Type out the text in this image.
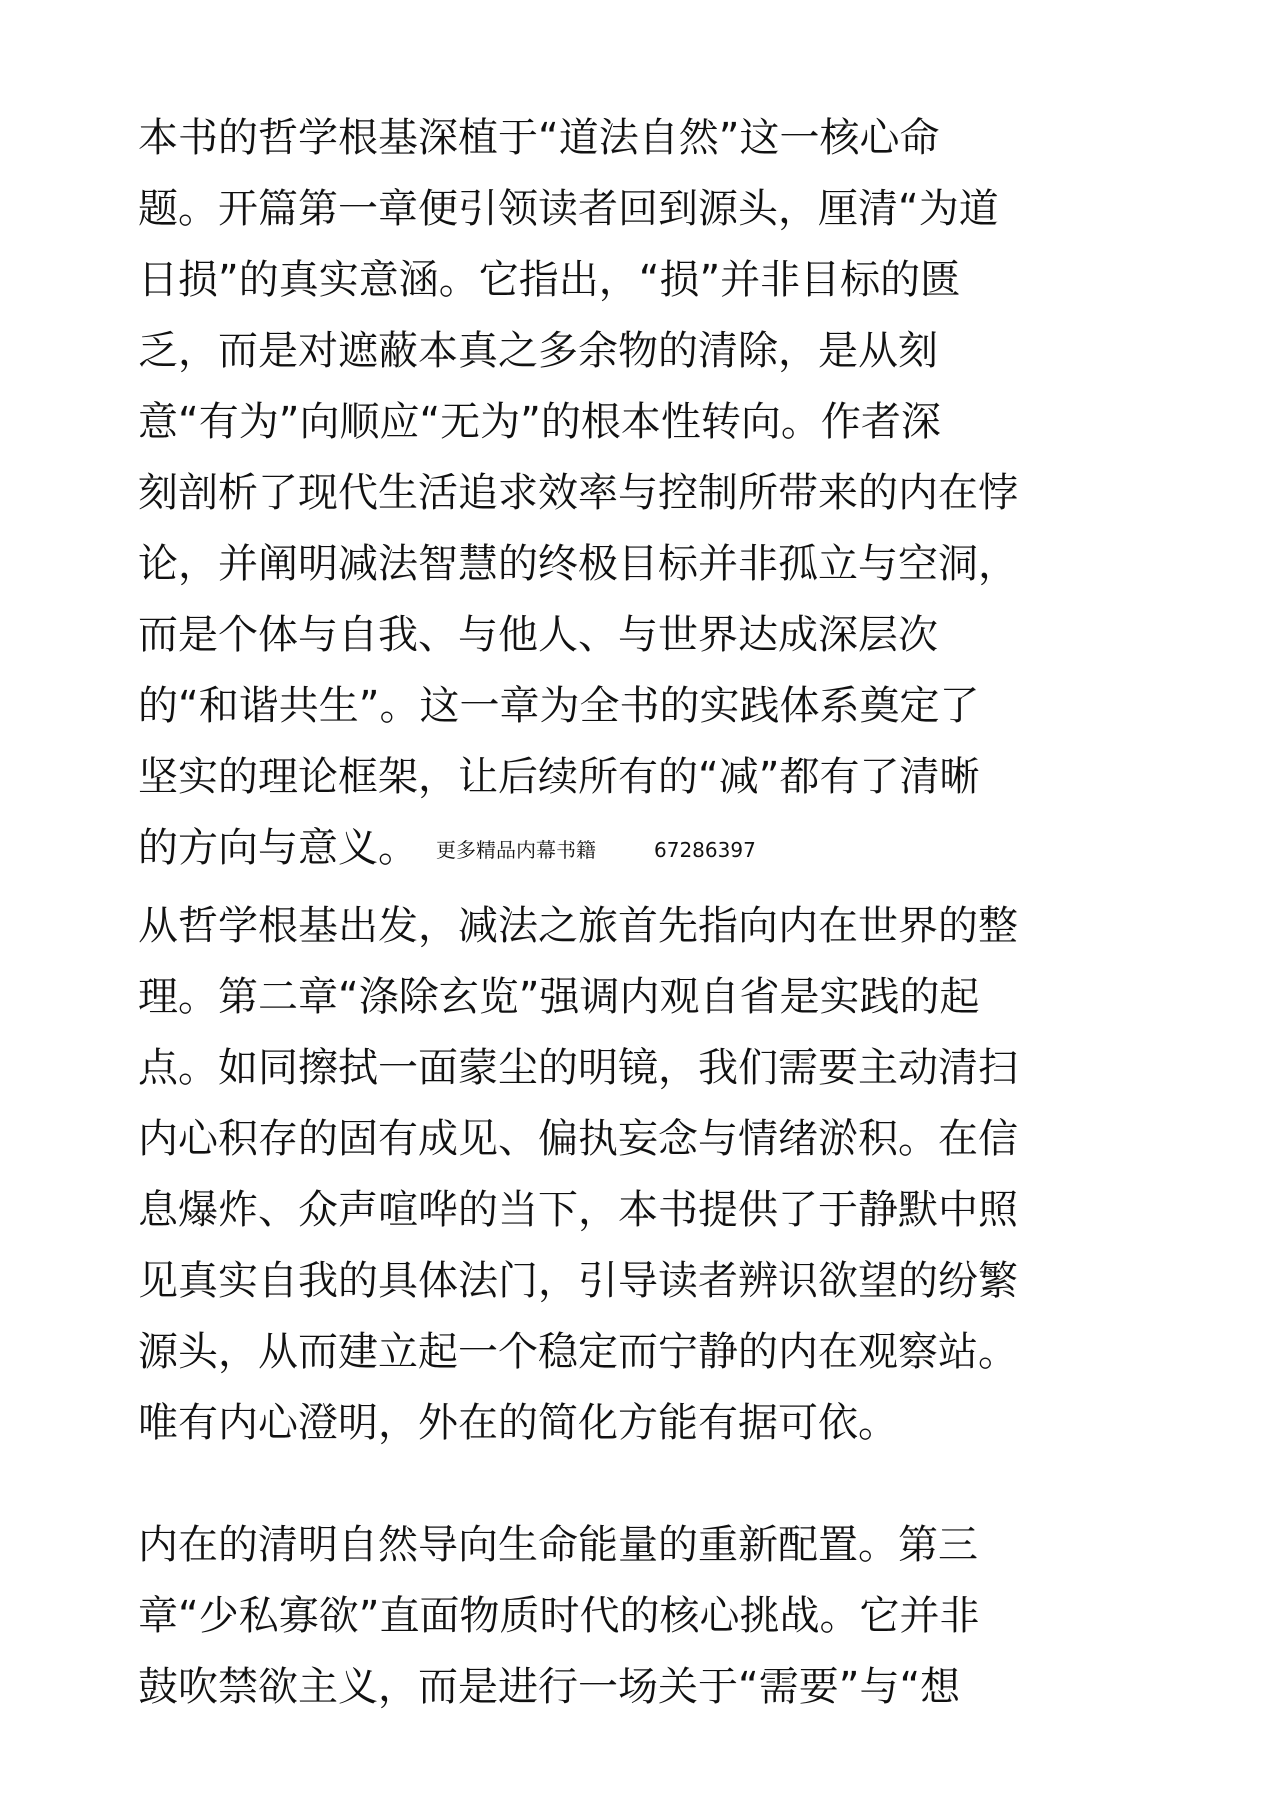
本书的哲学根基深植于“道法自然”这一核心命
题。开篇第一章便引领读者回到源头，厘清“为道
日损”的真实意涵。它指出，“损”并非目标的匮
乏，而是对遮蔽本真之多余物的清除，是从刻
意“有为”向顺应“无为”的根本性转向。作者深
刻剖析了现代生活追求效率与控制所带来的内在悖
论，并阐明减法智慧的终极目标并非孤立与空洞，
而是个体与自我、与他人、与世界达成深层次
的“和谐共生”。这一章为全书的实践体系奠定了
坚实的理论框架，让后续所有的“减”都有了清晰
的方向与意义。 更多精品内幕书籍	67286397
从哲学根基出发，减法之旅首先指向内在世界的整
理。第二章“涤除玄览”强调内观自省是实践的起
点。如同擦拭一面蒙尘的明镜，我们需要主动清扫
内心积存的固有成见、偏执妄念与情绪淤积。在信
息爆炸、众声喧哗的当下，本书提供了于静默中照
见真实自我的具体法门，引导读者辨识欲望的纷繁
源头，从而建立起一个稳定而宁静的内在观察站。
唯有内心澄明，外在的简化方能有据可依。
内在的清明自然导向生命能量的重新配置。第三
章“少私寡欲”直面物质时代的核心挑战。它并非
鼓吹禁欲主义，而是进行一场关于“需要”与“想
